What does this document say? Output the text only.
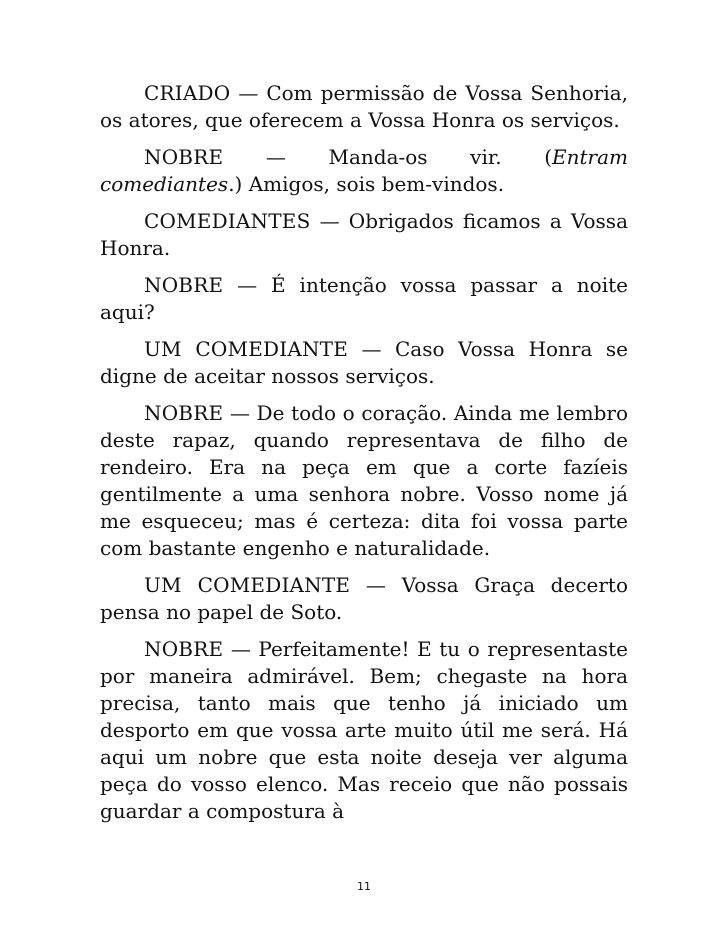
CRIADO — Com permissão de Vossa Senhoria, os atores, que oferecem a Vossa Honra os serviços.

NOBRE — Manda-os vir. (Entram comediantes.) Amigos, sois bem-vindos.

COMEDIANTES — Obrigados ficamos a Vossa Honra.

NOBRE — É intenção vossa passar a noite aqui?

UM COMEDIANTE — Caso Vossa Honra se digne de aceitar nossos serviços.

NOBRE — De todo o coração. Ainda me lembro deste rapaz, quando representava de filho de rendeiro. Era na peça em que a corte fazíeis gentilmente a uma senhora nobre. Vosso nome já me esqueceu; mas é certeza: dita foi vossa parte com bastante engenho e naturalidade.

UM COMEDIANTE — Vossa Graça decerto pensa no papel de Soto.

NOBRE — Perfeitamente! E tu o representaste por maneira admirável. Bem; chegaste na hora precisa, tanto mais que tenho já iniciado um desporto em que vossa arte muito útil me será. Há aqui um nobre que esta noite deseja ver alguma peça do vosso elenco. Mas receio que não possais guardar a compostura à

11
